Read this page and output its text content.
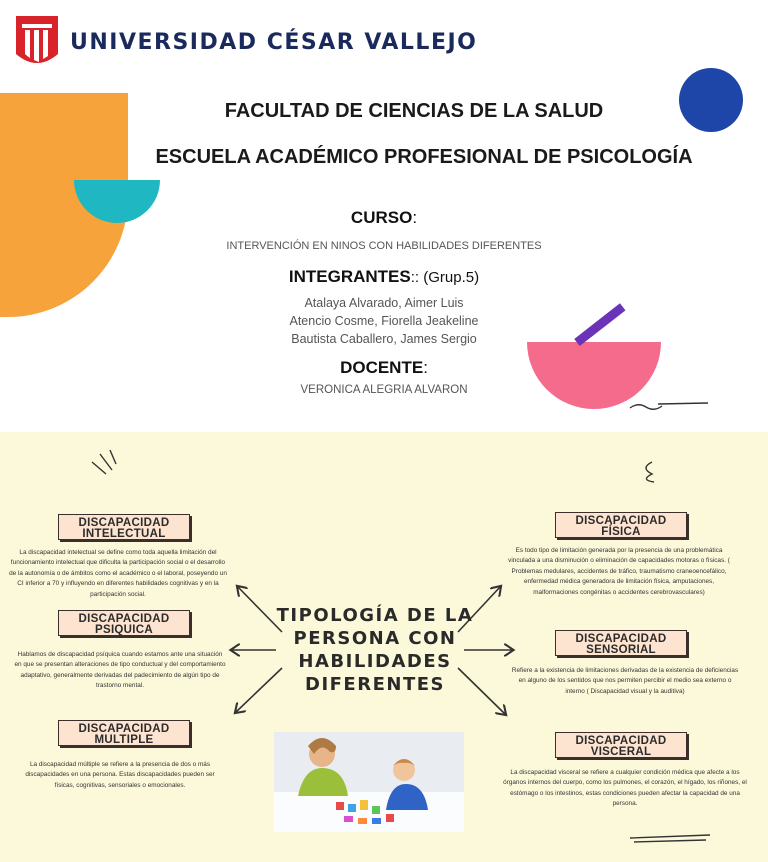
UNIVERSIDAD CÉSAR VALLEJO
FACULTAD DE CIENCIAS DE LA SALUD
ESCUELA ACADÉMICO PROFESIONAL DE PSICOLOGÍA
CURSO:
INTERVENCIÓN EN NINOS CON HABILIDADES DIFERENTES
INTEGRANTES:: (Grup.5)
Atalaya Alvarado, Aimer Luis
Atencio Cosme, Fiorella Jeakeline
Bautista Caballero, James Sergio
DOCENTE:
VERONICA ALEGRIA ALVARON
DISCAPACIDAD
INTELECTUAL
La discapacidad intelectual se define como toda aquella limitación del funcionamiento intelectual que dificulta la participación social o el desarrollo de la autonomía o de ámbitos como el académico o el laboral, poseyendo un CI inferior a 70 y influyendo en diferentes habilidades cognitivas y en la participación social.
DISCAPACIDAD
PSIQUICA
Hablamos de discapacidad psíquica cuando estamos ante una situación en que se presentan alteraciones de tipo conductual y del comportamiento adaptativo, generalmente derivadas del padecimiento de algún tipo de trastorno mental.
DISCAPACIDAD
MULTIPLE
La discapacidad múltiple se refiere a la presencia de dos o más discapacidades en una persona. Estas discapacidades pueden ser físicas, cognitivas, sensoriales o emocionales.
TIPOLOGÍA DE LA
PERSONA CON
HABILIDADES
DIFERENTES
DISCAPACIDAD
FÍSICA
Es todo tipo de limitación generada por la presencia de una problemática vinculada a una disminución o eliminación de capacidades motoras o físicas. ( Problemas medulares, accidentes de tráfico, traumatismo craneoencefálico, enfermedad médica generadora de limitación física, amputaciones, malformaciones congénitas o accidentes cerebrovasculares)
DISCAPACIDAD
SENSORIAL
Refiere a la existencia de limitaciones derivadas de la existencia de deficiencias en alguno de los sentidos que nos permiten percibir el medio sea externo o interno ( Discapacidad visual y la auditiva)
DISCAPACIDAD
VISCERAL
La discapacidad visceral se refiere a cualquier condición médica que afecte a los órganos internos del cuerpo, como los pulmones, el corazón, el hígado, los riñones, el estómago o los intestinos, estas condiciones pueden afectar la capacidad de una persona.
